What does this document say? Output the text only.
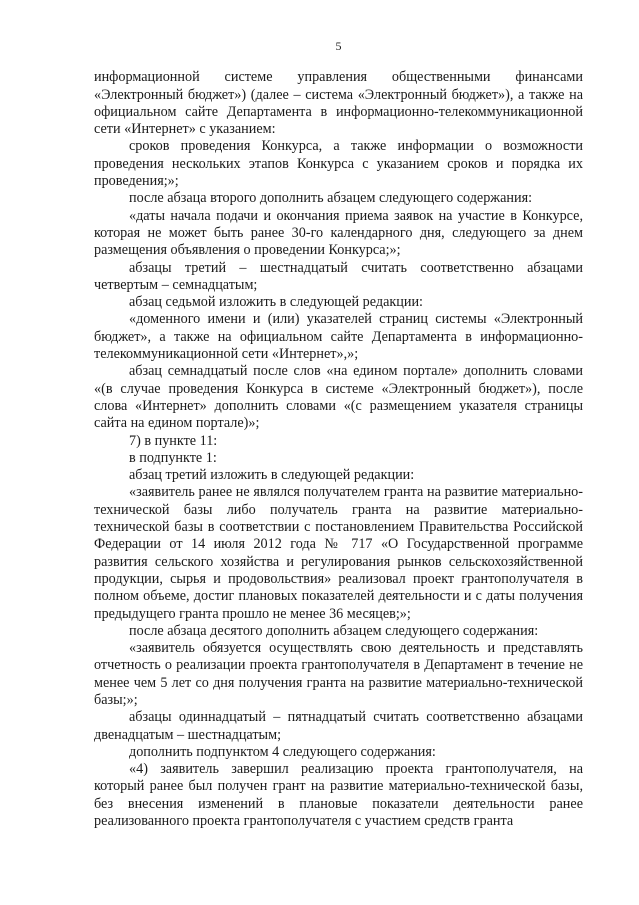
5

информационной системе управления общественными финансами «Электронный бюджет») (далее – система «Электронный бюджет»), а также на официальном сайте Департамента в информационно-телекоммуникационной сети «Интернет» с указанием:

сроков проведения Конкурса, а также информации о возможности проведения нескольких этапов Конкурса с указанием сроков и порядка их проведения;»;

после абзаца второго дополнить абзацем следующего содержания:

«даты начала подачи и окончания приема заявок на участие в Конкурсе, которая не может быть ранее 30-го календарного дня, следующего за днем размещения объявления о проведении Конкурса;»;

абзацы третий – шестнадцатый считать соответственно абзацами четвертым – семнадцатым;

абзац седьмой изложить в следующей редакции:

«доменного имени и (или) указателей страниц системы «Электронный бюджет», а также на официальном сайте Департамента в информационно-телекоммуникационной сети «Интернет»,»;

абзац семнадцатый после слов «на едином портале» дополнить словами «(в случае проведения Конкурса в системе «Электронный бюджет»), после слова «Интернет» дополнить словами «(с размещением указателя страницы сайта на едином портале)»;

7) в пункте 11:

в подпункте 1:

абзац третий изложить в следующей редакции:

«заявитель ранее не являлся получателем гранта на развитие материально-технической базы либо получатель гранта на развитие материально-технической базы в соответствии с постановлением Правительства Российской Федерации от 14 июля 2012 года № 717 «О Государственной программе развития сельского хозяйства и регулирования рынков сельскохозяйственной продукции, сырья и продовольствия» реализовал проект грантополучателя в полном объеме, достиг плановых показателей деятельности и с даты получения предыдущего гранта прошло не менее 36 месяцев;»;

после абзаца десятого дополнить абзацем следующего содержания:

«заявитель обязуется осуществлять свою деятельность и представлять отчетность о реализации проекта грантополучателя в Департамент в течение не менее чем 5 лет со дня получения гранта на развитие материально-технической базы;»;

абзацы одиннадцатый – пятнадцатый считать соответственно абзацами двенадцатым – шестнадцатым;

дополнить подпунктом 4 следующего содержания:

«4) заявитель завершил реализацию проекта грантополучателя, на который ранее был получен грант на развитие материально-технической базы, без внесения изменений в плановые показатели деятельности ранее реализованного проекта грантополучателя с участием средств гранта
